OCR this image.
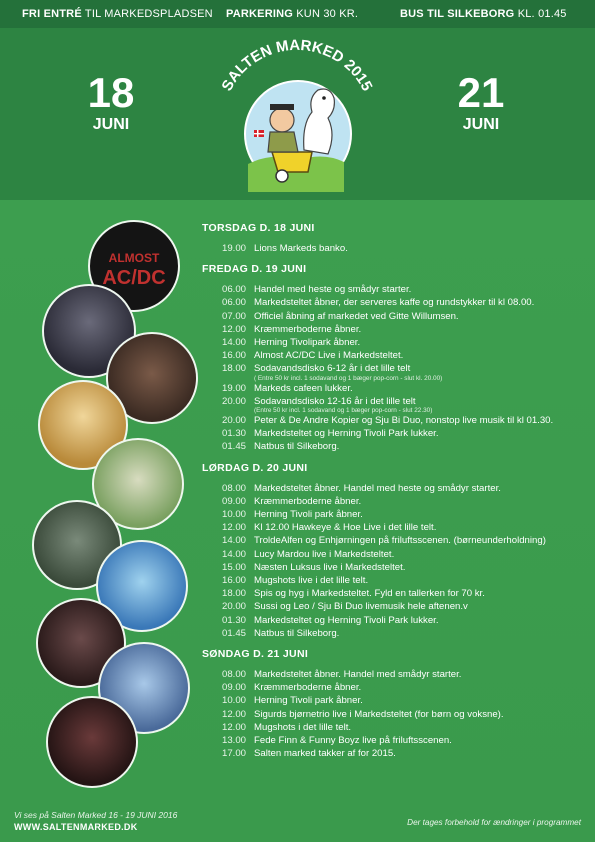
FRI ENTRÉ TIL MARKEDSPLADSEN PARKERING KUN 30 KR.	BUS TIL SILKEBORG KL. 01.45
18
JUNI
21
JUNI
SALTEN MARKED 2015
ALMOST
AC/DC
TORSDAG D. 18 JUNI
19.00 Lions Markeds banko.
FREDAG D. 19 JUNI
06.00 Handel med heste og smådyr starter.
06.00 Markedsteltet åbner, der serveres kaffe og rundstykker til kl 08.00.
07.00 Officiel åbning af markedet ved Gitte Willumsen.
12.00 Kræmmerboderne åbner.
14.00 Herning Tivolipark åbner.
16.00 Almost AC/DC Live i Markedsteltet.
18.00 Sodavandsdisko 6-12 år i det lille telt
( Entre 50 kr incl. 1 sodavand og 1 bæger pop-corn - slut kl. 20.00)
19.00 Markeds cafeen lukker.
20.00 Sodavandsdisko 12-16 år i det lille telt
(Entre 50 kr incl. 1 sodavand og 1 bæger pop-corn - slut 22.30)
20.00 Peter & De Andre Kopier og Sju Bi Duo, nonstop live musik til kl 01.30.
01.30 Markedsteltet og Herning Tivoli Park lukker.
01.45 Natbus til Silkeborg.
LØRDAG D. 20 JUNI
08.00 Markedsteltet åbner. Handel med heste og smådyr starter.
09.00 Kræmmerboderne åbner.
10.00 Herning Tivoli park åbner.
12.00 Kl 12.00 Hawkeye & Hoe Live i det lille telt.
14.00 TroldeAlfen og Enhjørningen på friluftsscenen. (børneunderholdning)
14.00 Lucy Mardou live i Markedsteltet.
15.00 Næsten Luksus live i Markedsteltet.
16.00 Mugshots live i det lille telt.
18.00 Spis og hyg i Markedsteltet. Fyld en tallerken for 70 kr.
20.00 Sussi og Leo / Sju Bi Duo livemusik hele aftenen.v
01.30 Markedsteltet og Herning Tivoli Park lukker.
01.45 Natbus til Silkeborg.
SØNDAG D. 21 JUNI
08.00 Markedsteltet åbner. Handel med smådyr starter.
09.00 Kræmmerboderne åbner.
10.00 Herning Tivoli park åbner.
12.00 Sigurds bjørnetrio live i Markedsteltet (for børn og voksne).
12.00 Mugshots i det lille telt.
13.00 Fede Finn & Funny Boyz live på friluftsscenen.
17.00 Salten marked takker af for 2015.
Vi ses på Salten Marked 16 - 19 JUNI 2016
WWW.SALTENMARKED.DK	Der tages forbehold for ændringer i programmet
